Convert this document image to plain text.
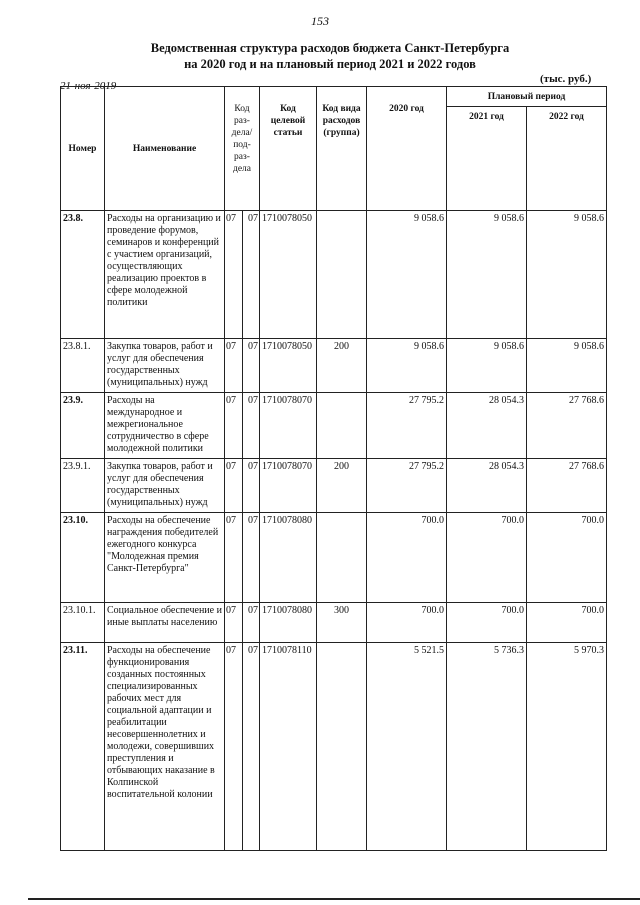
153
Ведомственная структура расходов бюджета Санкт-Петербурга
на 2020 год и на плановый период 2021 и 2022 годов
21-ноя-2019
(тыс. руб.)
Номер	Наименование	Код раз- дела/ под- раз- дела		Код целевой статьи	Код вида расходов (группа)	2020 год	Плановый период	
							2021 год	2022 год
23.8.	Расходы на организацию и проведение форумов, семинаров и конференций с участием организаций, осуществляющих реализацию проектов в сфере молодежной политики	07	07	1710078050		9 058.6	9 058.6	9 058.6
23.8.1.	Закупка товаров, работ и услуг для обеспечения государственных (муниципальных) нужд	07	07	1710078050	200	9 058.6	9 058.6	9 058.6
23.9.	Расходы на международное и межрегиональное сотрудничество в сфере молодежной политики	07	07	1710078070		27 795.2	28 054.3	27 768.6
23.9.1.	Закупка товаров, работ и услуг для обеспечения государственных (муниципальных) нужд	07	07	1710078070	200	27 795.2	28 054.3	27 768.6
23.10.	Расходы на обеспечение награждения победителей ежегодного конкурса "Молодежная премия Санкт-Петербурга"	07	07	1710078080		700.0	700.0	700.0
23.10.1.	Социальное обеспечение и иные выплаты населению	07	07	1710078080	300	700.0	700.0	700.0
23.11.	Расходы на обеспечение функционирования созданных постоянных специализированных рабочих мест для социальной адаптации и реабилитации несовершеннолетних и молодежи, совершивших преступления и отбывающих наказание в Колпинской воспитательной колонии	07	07	1710078110		5 521.5	5 736.3	5 970.3
